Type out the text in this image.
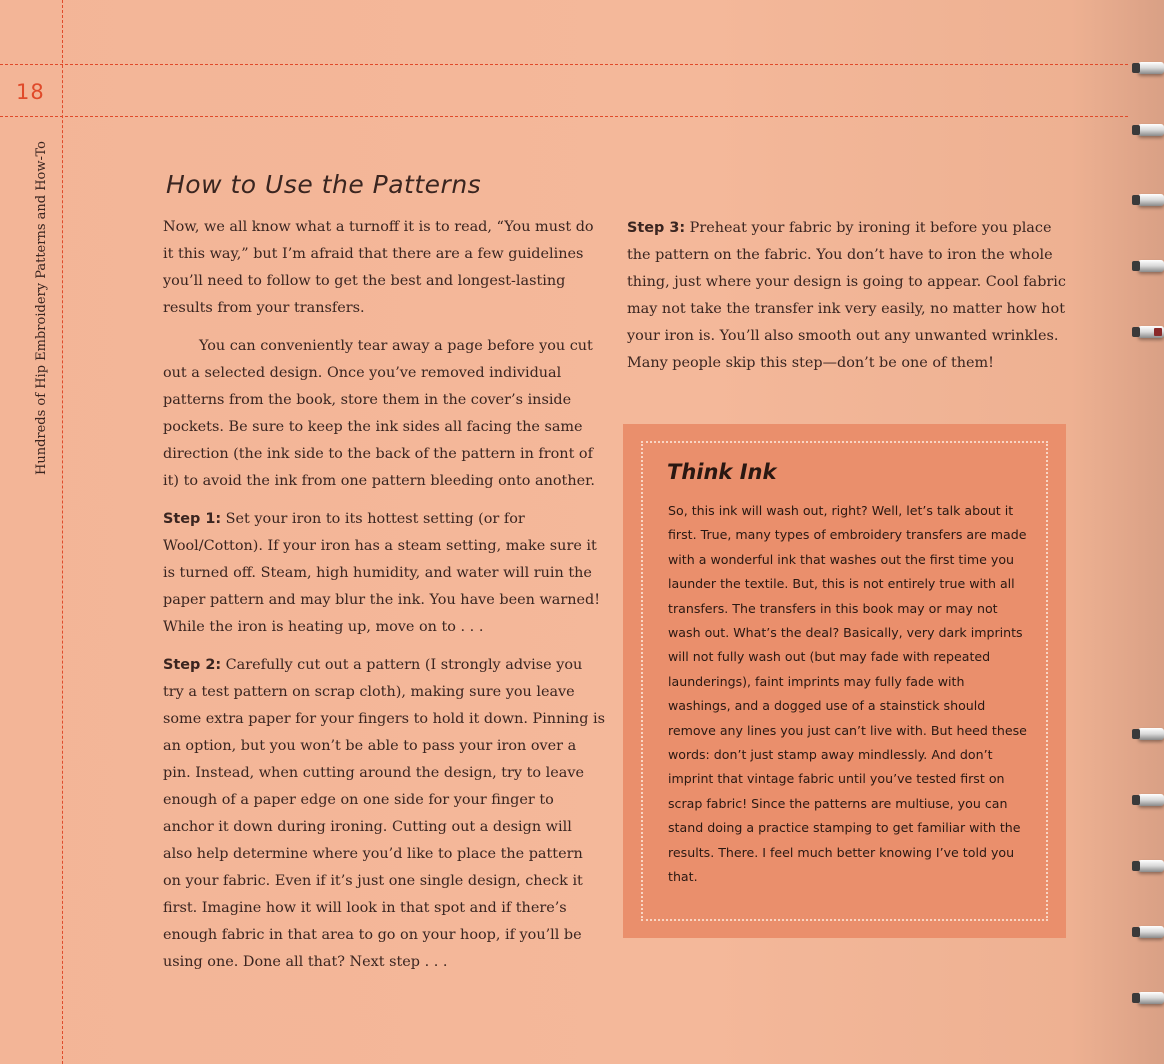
18
Hundreds of Hip Embroidery Patterns and How-To	How to Use the Patterns

Now, we all know what a turnoff it is to read, “You must do it this way,” but I’m afraid that there are a few guidelines you’ll need to follow to get the best and longest-lasting results from your transfers.

You can conveniently tear away a page before you cut out a selected design. Once you’ve removed individual patterns from the book, store them in the cover’s inside pockets. Be sure to keep the ink sides all facing the same direction (the ink side to the back of the pattern in front of it) to avoid the ink from one pattern bleeding onto another.

Step 1: Set your iron to its hottest setting (or for Wool/Cotton). If your iron has a steam setting, make sure it is turned off. Steam, high humidity, and water will ruin the paper pattern and may blur the ink. You have been warned! While the iron is heating up, move on to . . .

Step 2: Carefully cut out a pattern (I strongly advise you try a test pattern on scrap cloth), making sure you leave some extra paper for your fingers to hold it down. Pinning is an option, but you won’t be able to pass your iron over a pin. Instead, when cutting around the design, try to leave enough of a paper edge on one side for your finger to anchor it down during ironing. Cutting out a design will also help determine where you’d like to place the pattern on your fabric. Even if it’s just one single design, check it first. Imagine how it will look in that spot and if there’s enough fabric in that area to go on your hoop, if you’ll be using one. Done all that? Next step . . .

Step 3: Preheat your fabric by ironing it before you place the pattern on the fabric. You don’t have to iron the whole thing, just where your design is going to appear. Cool fabric may not take the transfer ink very easily, no matter how hot your iron is. You’ll also smooth out any unwanted wrinkles. Many people skip this step—don’t be one of them!

Think Ink
So, this ink will wash out, right? Well, let’s talk about it first. True, many types of embroidery transfers are made with a wonderful ink that washes out the first time you launder the textile. But, this is not entirely true with all transfers. The transfers in this book may or may not wash out. What’s the deal? Basically, very dark imprints will not fully wash out (but may fade with repeated launderings), faint imprints may fully fade with washings, and a dogged use of a stainstick should remove any lines you just can’t live with. But heed these words: don’t just stamp away mindlessly. And don’t imprint that vintage fabric until you’ve tested first on scrap fabric! Since the patterns are multiuse, you can stand doing a practice stamping to get familiar with the results. There. I feel much better knowing I’ve told you that.
